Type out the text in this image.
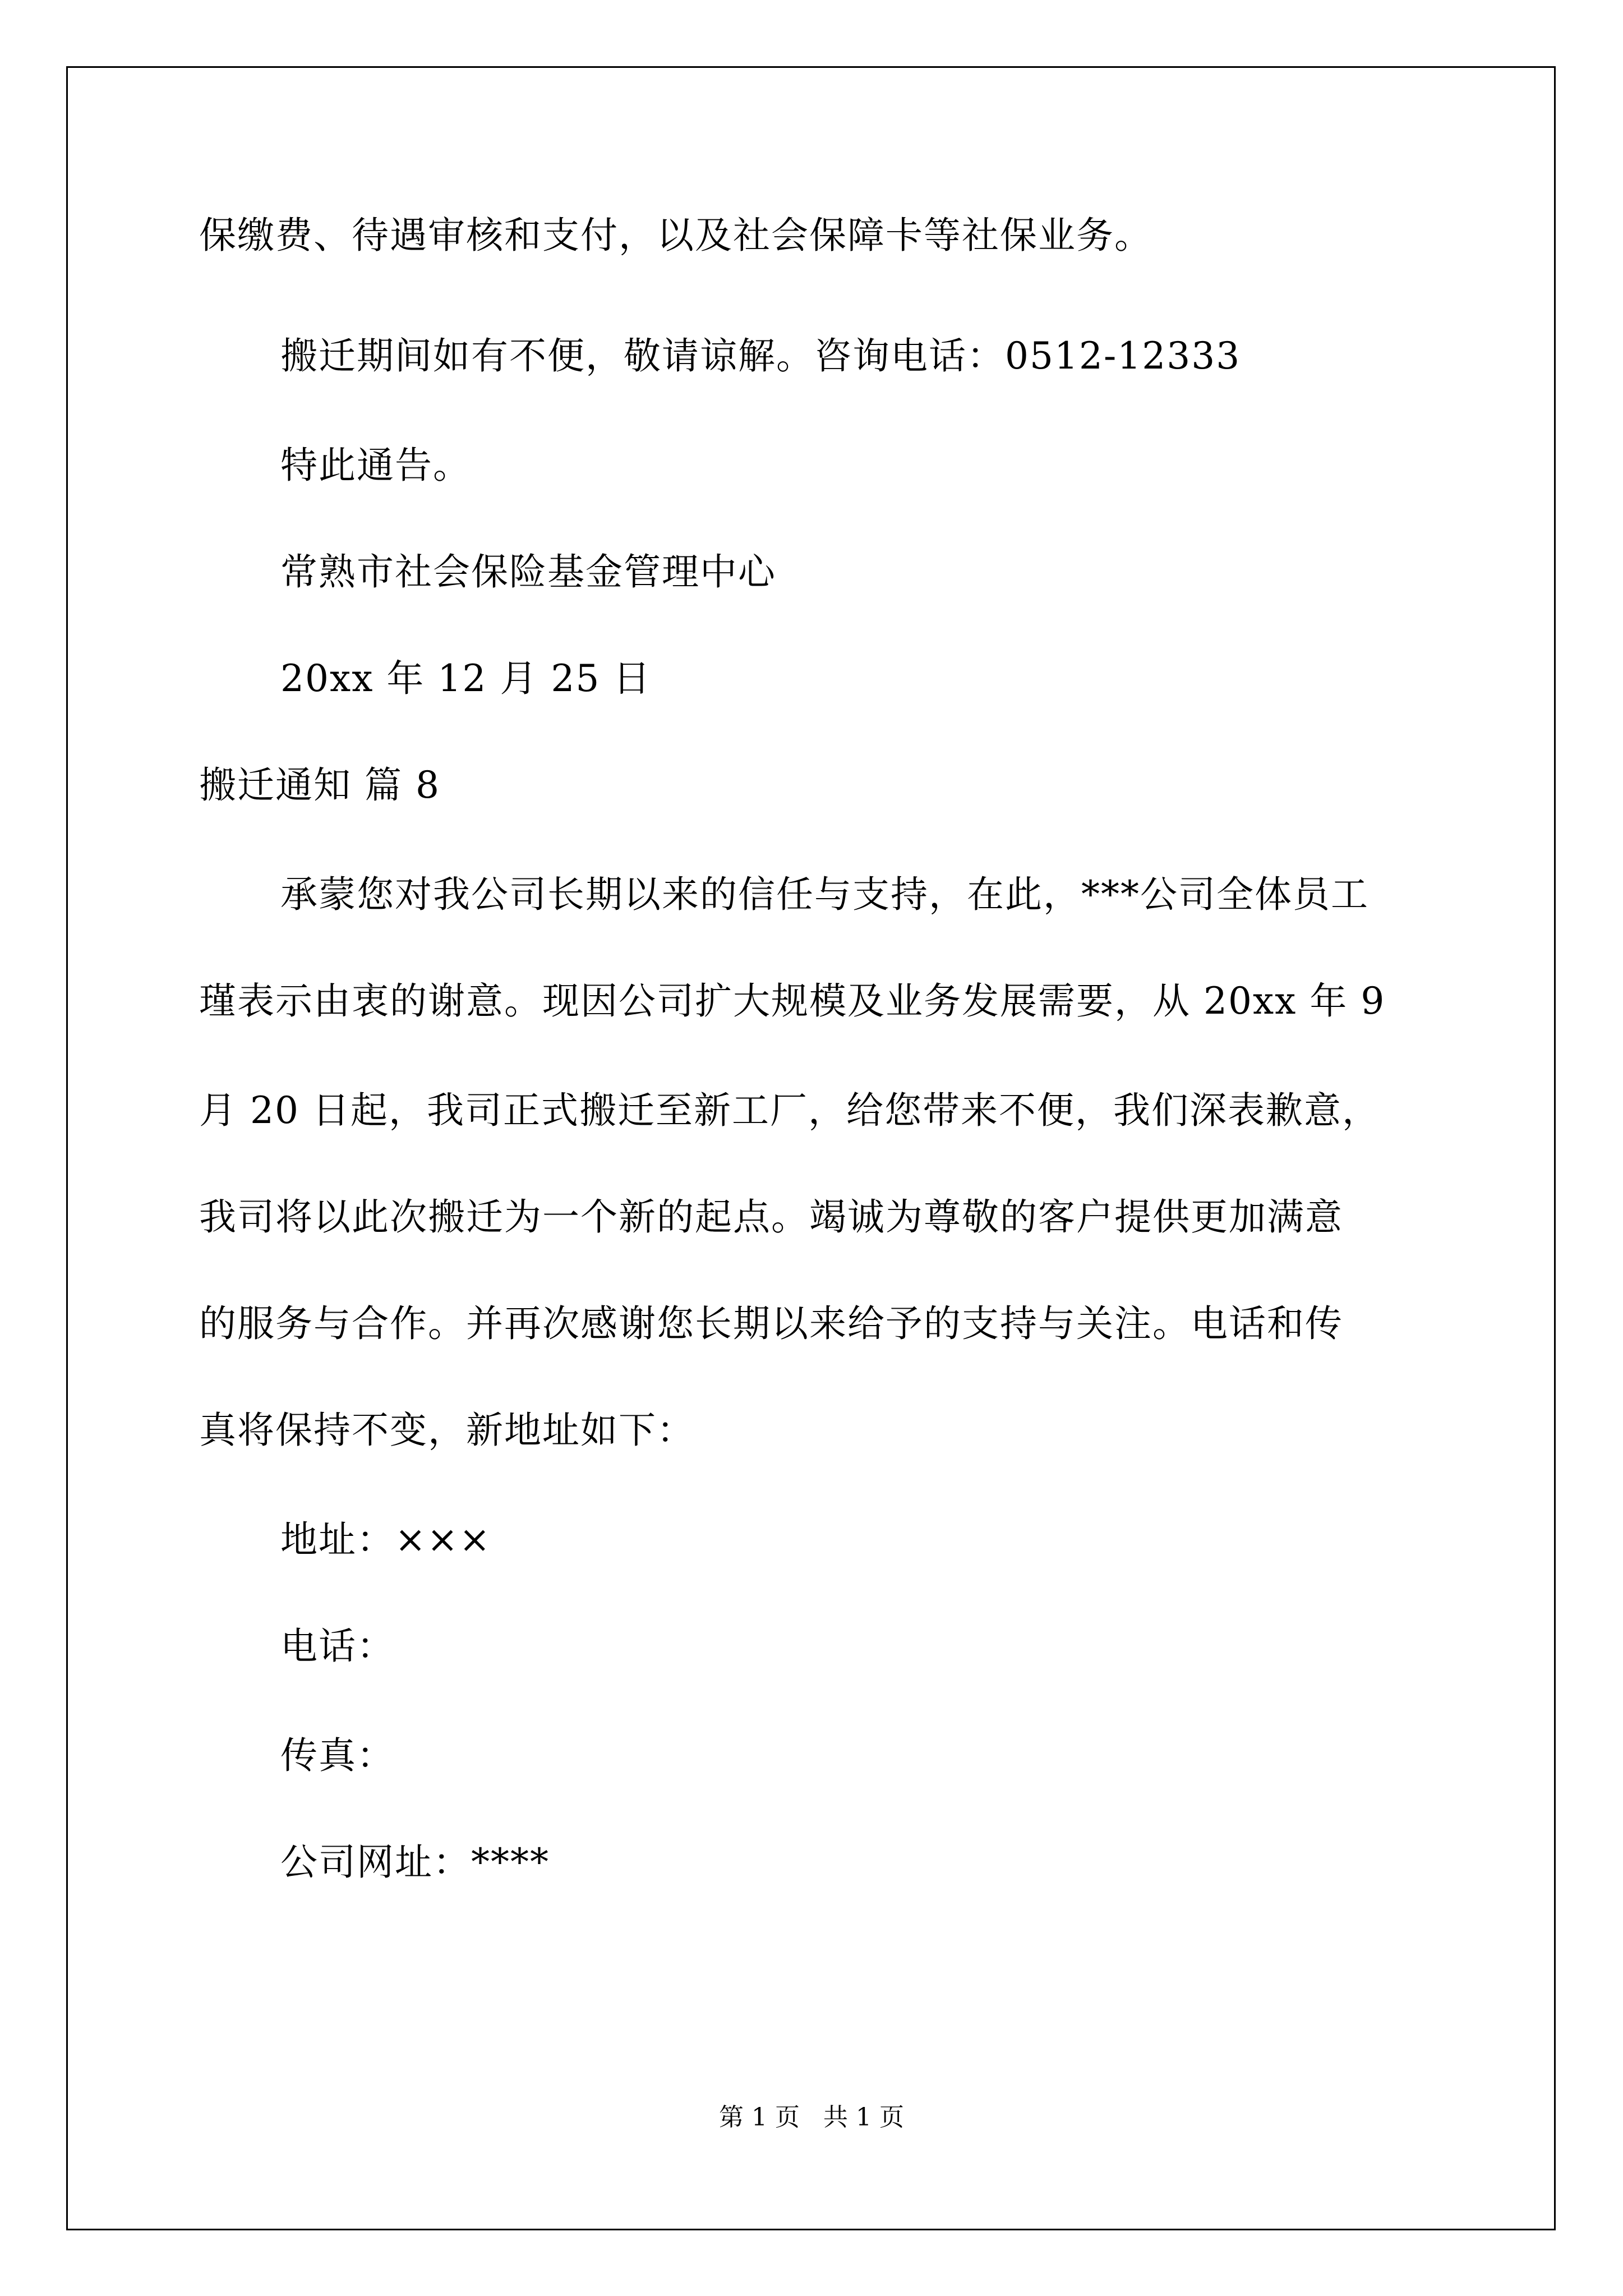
保缴费、待遇审核和支付，以及社会保障卡等社保业务。
搬迁期间如有不便，敬请谅解。咨询电话：0512-12333
特此通告。
常熟市社会保险基金管理中心
20xx 年 12 月 25 日
搬迁通知 篇 8
承蒙您对我公司长期以来的信任与支持，在此，***公司全体员工
瑾表示由衷的谢意。现因公司扩大规模及业务发展需要，从 20xx 年 9
月 20 日起，我司正式搬迁至新工厂，给您带来不便，我们深表歉意，
我司将以此次搬迁为一个新的起点。竭诚为尊敬的客户提供更加满意
的服务与合作。并再次感谢您长期以来给予的支持与关注。电话和传
真将保持不变，新地址如下：
地址：×××
电话：
传真：
公司网址：****
第 1 页   共 1 页
